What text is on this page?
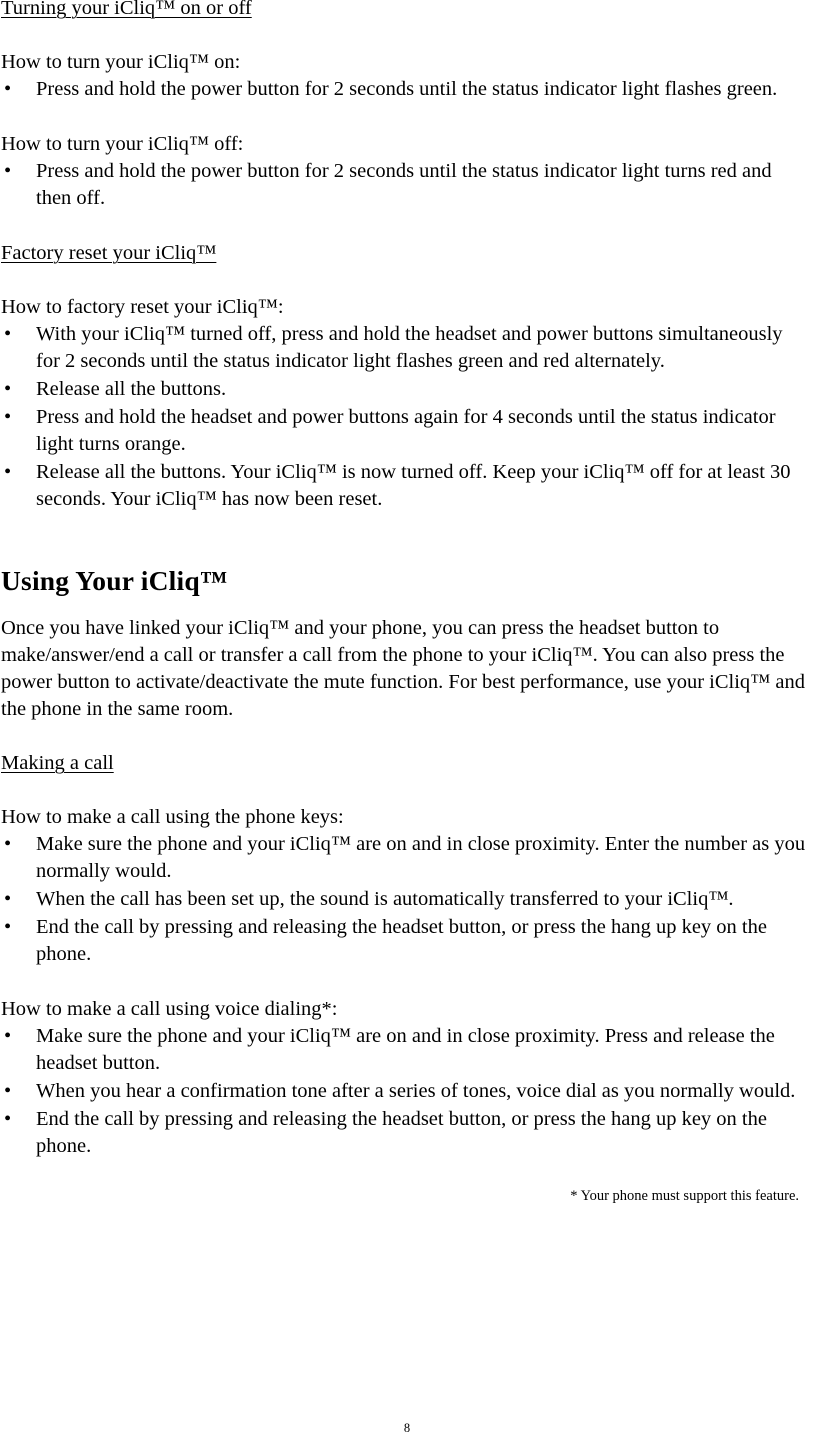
Turning your iCliq™ on or off

How to turn your iCliq™ on:

• Press and hold the power button for 2 seconds until the status indicator light flashes green.

How to turn your iCliq™ off:

• Press and hold the power button for 2 seconds until the status indicator light turns red and then off.
Factory reset your iCliq™

How to factory reset your iCliq™:

• With your iCliq™ turned off, press and hold the headset and power buttons simultaneously for 2 seconds until the status indicator light flashes green and red alternately.
• Release all the buttons.
• Press and hold the headset and power buttons again for 4 seconds until the status indicator light turns orange.
• Release all the buttons. Your iCliq™ is now turned off. Keep your iCliq™ off for at least 30 seconds. Your iCliq™ has now been reset.
Using Your iCliq™

Once you have linked your iCliq™ and your phone, you can press the headset button to make/answer/end a call or transfer a call from the phone to your iCliq™. You can also press the power button to activate/deactivate the mute function. For best performance, use your iCliq™ and the phone in the same room.

Making a call

How to make a call using the phone keys:

• Make sure the phone and your iCliq™ are on and in close proximity. Enter the number as you normally would.
• When the call has been set up, the sound is automatically transferred to your iCliq™.
• End the call by pressing and releasing the headset button, or press the hang up key on the phone.

How to make a call using voice dialing*:

• Make sure the phone and your iCliq™ are on and in close proximity. Press and release the headset button.
• When you hear a confirmation tone after a series of tones, voice dial as you normally would.
• End the call by pressing and releasing the headset button, or press the hang up key on the phone.

* Your phone must support this feature.

8
